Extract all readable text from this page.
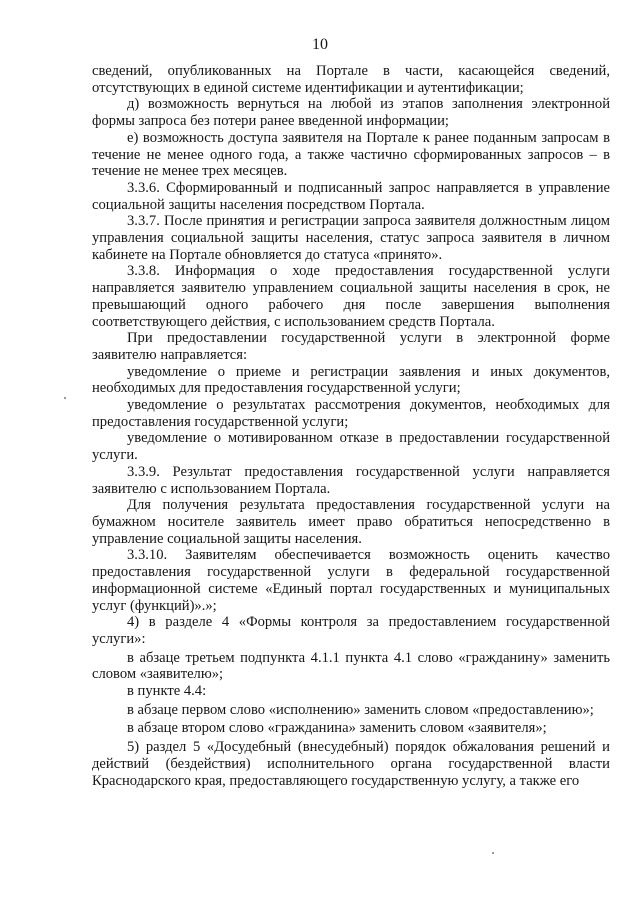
10

сведений, опубликованных на Портале в части, касающейся сведений, отсутствующих в единой системе идентификации и аутентификации;

д) возможность вернуться на любой из этапов заполнения электронной формы запроса без потери ранее введенной информации;

е) возможность доступа заявителя на Портале к ранее поданным запросам в течение не менее одного года, а также частично сформированных запросов – в течение не менее трех месяцев.

3.3.6. Сформированный и подписанный запрос направляется в управление социальной защиты населения посредством Портала.

3.3.7. После принятия и регистрации запроса заявителя должностным лицом управления социальной защиты населения, статус запроса заявителя в личном кабинете на Портале обновляется до статуса «принято».

3.3.8. Информация о ходе предоставления государственной услуги направляется заявителю управлением социальной защиты населения в срок, не превышающий одного рабочего дня после завершения выполнения соответствующего действия, с использованием средств Портала.

При предоставлении государственной услуги в электронной форме заявителю направляется:

уведомление о приеме и регистрации заявления и иных документов, необходимых для предоставления государственной услуги;

уведомление о результатах рассмотрения документов, необходимых для предоставления государственной услуги;

уведомление о мотивированном отказе в предоставлении государственной услуги.

3.3.9. Результат предоставления государственной услуги направляется заявителю с использованием Портала.

Для получения результата предоставления государственной услуги на бумажном носителе заявитель имеет право обратиться непосредственно в управление социальной защиты населения.

3.3.10. Заявителям обеспечивается возможность оценить качество предоставления государственной услуги в федеральной государственной информационной системе «Единый портал государственных и муниципальных услуг (функций)».»;

4) в разделе 4 «Формы контроля за предоставлением государственной услуги»:

в абзаце третьем подпункта 4.1.1 пункта 4.1 слово «гражданину» заменить словом «заявителю»;

в пункте 4.4:

в абзаце первом слово «исполнению» заменить словом «предоставлению»;

в абзаце втором слово «гражданина» заменить словом «заявителя»;

5) раздел 5 «Досудебный (внесудебный) порядок обжалования решений и действий (бездействия) исполнительного органа государственной власти Краснодарского края, предоставляющего государственную услугу, а также его
